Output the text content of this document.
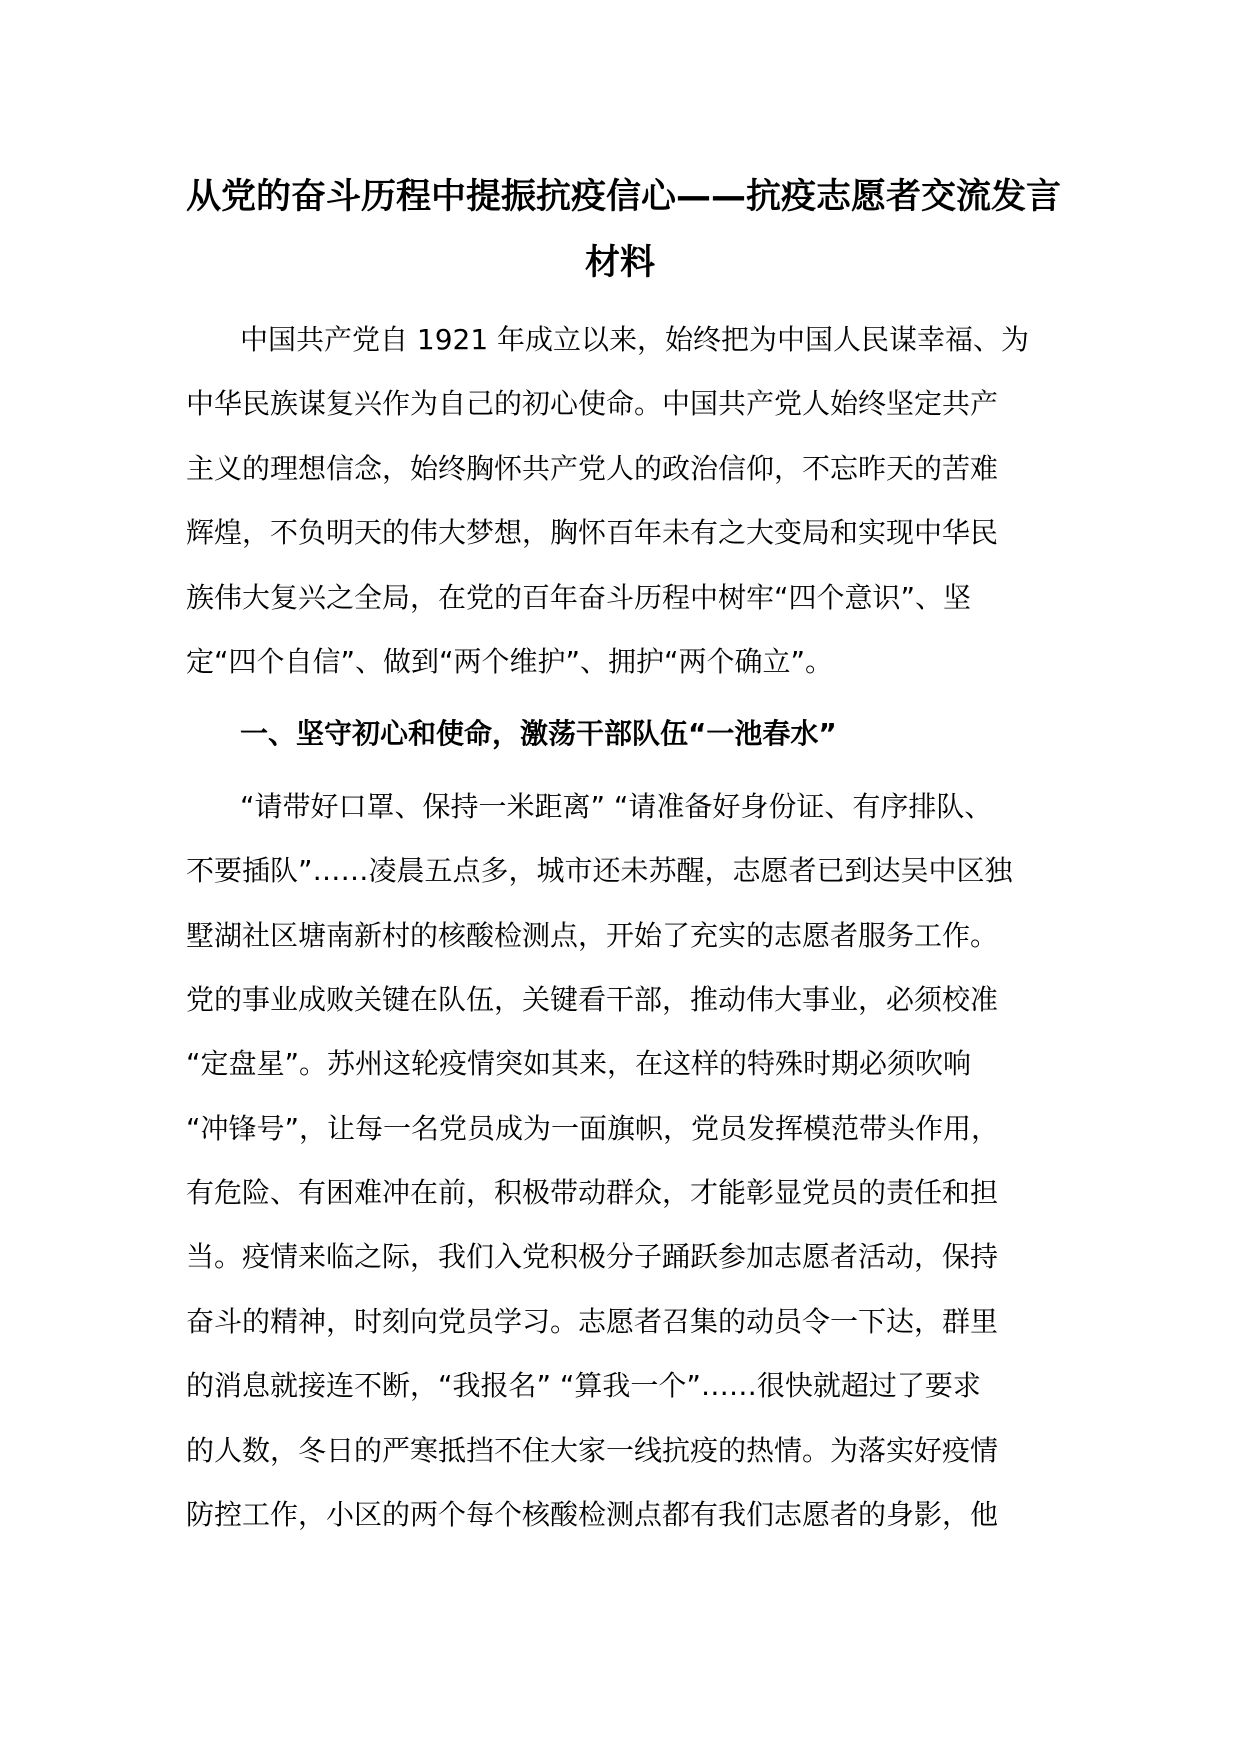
从党的奋斗历程中提振抗疫信心——抗疫志愿者交流发言
材料
中国共产党自 1921 年成立以来，始终把为中国人民谋幸福、为
中华民族谋复兴作为自己的初心使命。中国共产党人始终坚定共产
主义的理想信念，始终胸怀共产党人的政治信仰，不忘昨天的苦难
辉煌，不负明天的伟大梦想，胸怀百年未有之大变局和实现中华民
族伟大复兴之全局，在党的百年奋斗历程中树牢“四个意识”、坚
定“四个自信”、做到“两个维护”、拥护“两个确立”。
一、坚守初心和使命，激荡干部队伍“一池春水”
“请带好口罩、保持一米距离” “请准备好身份证、有序排队、
不要插队”……凌晨五点多，城市还未苏醒，志愿者已到达吴中区独
墅湖社区塘南新村的核酸检测点，开始了充实的志愿者服务工作。
党的事业成败关键在队伍，关键看干部，推动伟大事业，必须校准
“定盘星”。苏州这轮疫情突如其来，在这样的特殊时期必须吹响
“冲锋号”，让每一名党员成为一面旗帜，党员发挥模范带头作用，
有危险、有困难冲在前，积极带动群众，才能彰显党员的责任和担
当。疫情来临之际，我们入党积极分子踊跃参加志愿者活动，保持
奋斗的精神，时刻向党员学习。志愿者召集的动员令一下达，群里
的消息就接连不断，“我报名” “算我一个”……很快就超过了要求
的人数，冬日的严寒抵挡不住大家一线抗疫的热情。为落实好疫情
防控工作，小区的两个每个核酸检测点都有我们志愿者的身影，他
